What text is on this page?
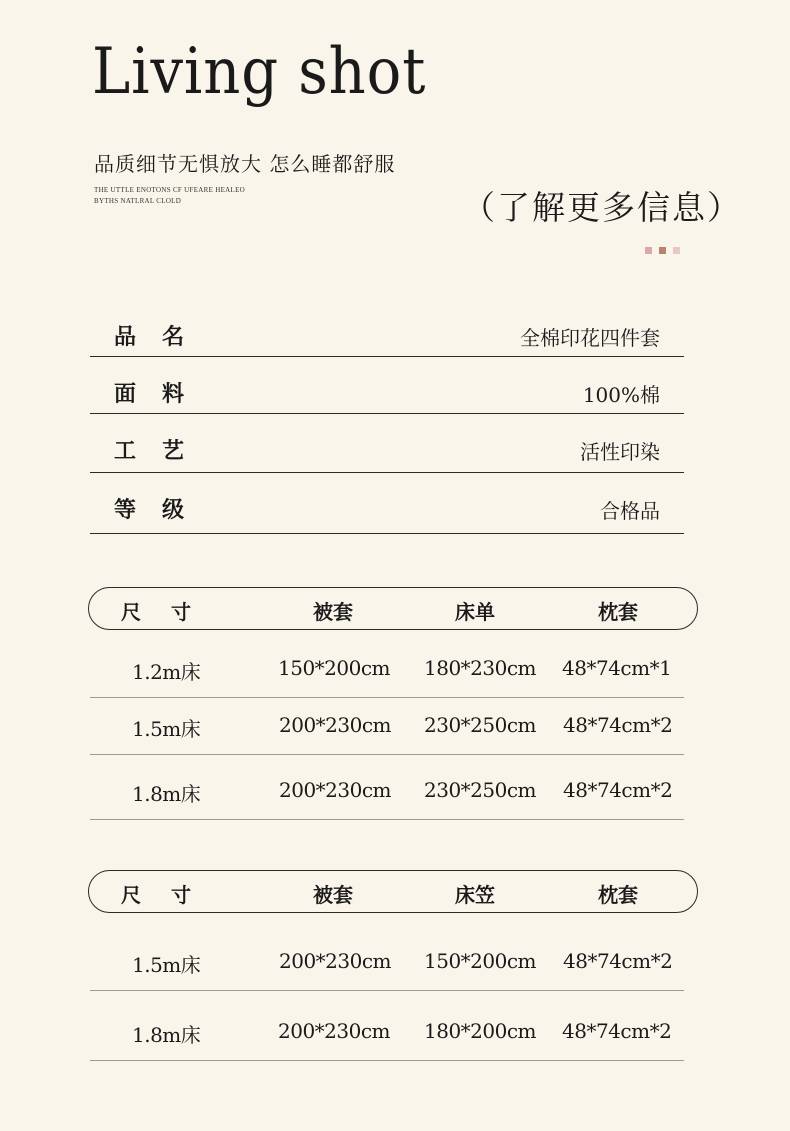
Living shot
品质细节无惧放大 怎么睡都舒服
THE UTTLE ENOTONS CF UFEARE HEALEO
BYTHS NATLRAL CLOLD	（了解更多信息）
品名	全棉印花四件套
面料	100%棉
工艺	活性印染
等级	合格品
尺寸	被套	床单	枕套
1.2m床	150*200cm 180*230cm 48*74cm*1
1.5m床	200*230cm 230*250cm 48*74cm*2
1.8m床	200*230cm 230*250cm 48*74cm*2
尺寸	被套	床笠	枕套
1.5m床	200*230cm 150*200cm 48*74cm*2
1.8m床	200*230cm 180*200cm 48*74cm*2
